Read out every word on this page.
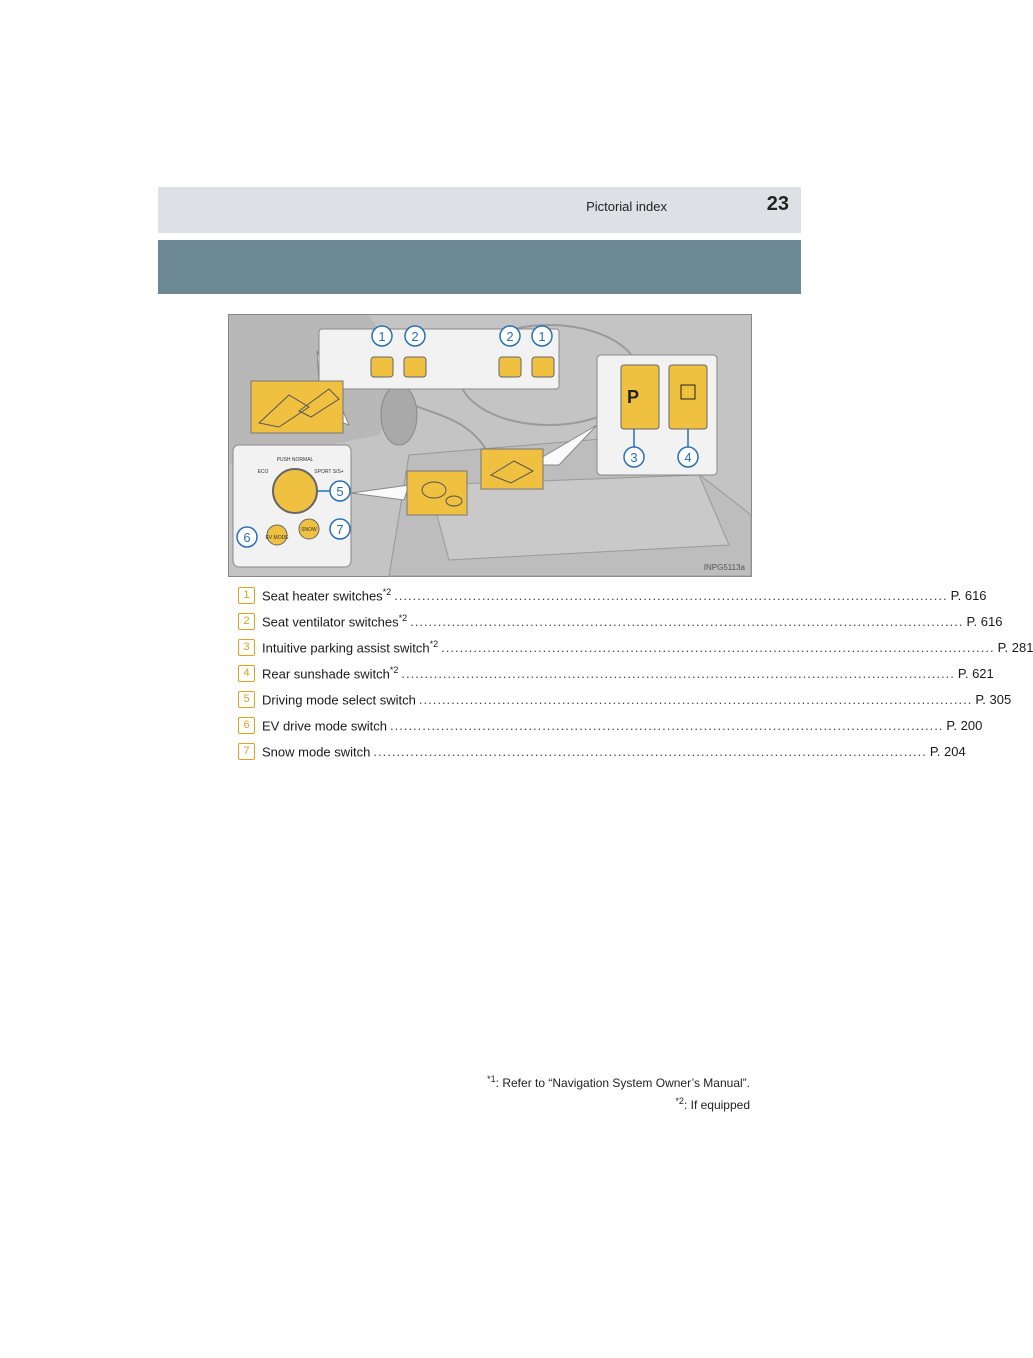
Pictorial index	23
P
1 2	2 1
3	4
5
6
7
PUSH NORMAL
ECO	SPORT S/S+
EV MODE
SNOW
INPG5113a
1 Seat heater switches$^{*2}$ ........................................................................................................................ P. 616
2 Seat ventilator switches$^{*2}$ ........................................................................................................................ P. 616
3 Intuitive parking assist switch$^{*2}$ ........................................................................................................................ P. 281
4 Rear sunshade switch$^{*2}$ ........................................................................................................................ P. 621
5 Driving mode select switch ........................................................................................................................ P. 305
6 EV drive mode switch ........................................................................................................................ P. 200
7 Snow mode switch ........................................................................................................................ P. 204
$^{*1}$: Refer to “Navigation System Owner’s Manual”.
$^{*2}$: If equipped
